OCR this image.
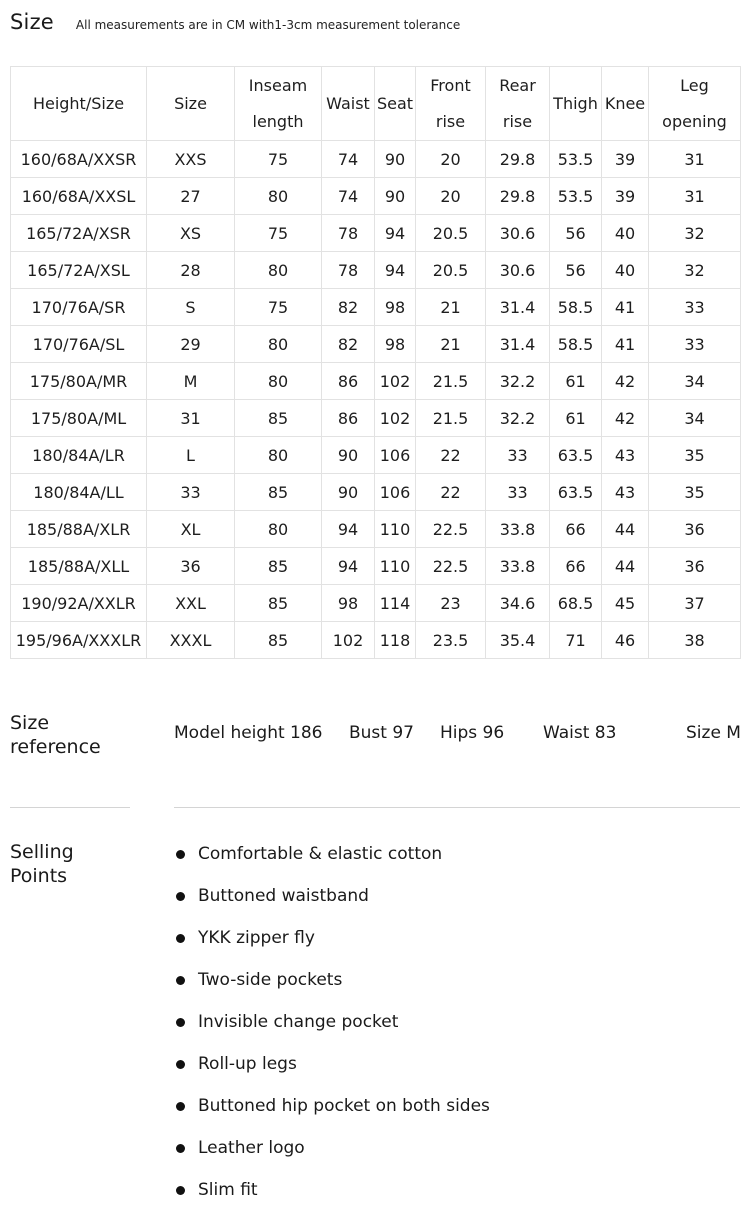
Size All measurements are in CM with1-3cm measurement tolerance
Height/Size	Size	Inseam length	Waist	Seat	Front rise	Rear rise	Thigh	Knee	Leg opening
160/68A/XXSR	XXS	75	74	90	20	29.8	53.5	39	31
160/68A/XXSL	27	80	74	90	20	29.8	53.5	39	31
165/72A/XSR	XS	75	78	94	20.5	30.6	56	40	32
165/72A/XSL	28	80	78	94	20.5	30.6	56	40	32
170/76A/SR	S	75	82	98	21	31.4	58.5	41	33
170/76A/SL	29	80	82	98	21	31.4	58.5	41	33
175/80A/MR	M	80	86	102	21.5	32.2	61	42	34
175/80A/ML	31	85	86	102	21.5	32.2	61	42	34
180/84A/LR	L	80	90	106	22	33	63.5	43	35
180/84A/LL	33	85	90	106	22	33	63.5	43	35
185/88A/XLR	XL	80	94	110	22.5	33.8	66	44	36
185/88A/XLL	36	85	94	110	22.5	33.8	66	44	36
190/92A/XXLR	XXL	85	98	114	23	34.6	68.5	45	37
195/96A/XXXLR	XXXL	85	102	118	23.5	35.4	71	46	38
Size reference
Model height 186 Bust 97 Hips 96 Waist 83	Size M
Selling Points
Comfortable & elastic cotton
Buttoned waistband
YKK zipper fly
Two-side pockets
Invisible change pocket
Roll-up legs
Buttoned hip pocket on both sides
Leather logo
Slim fit
